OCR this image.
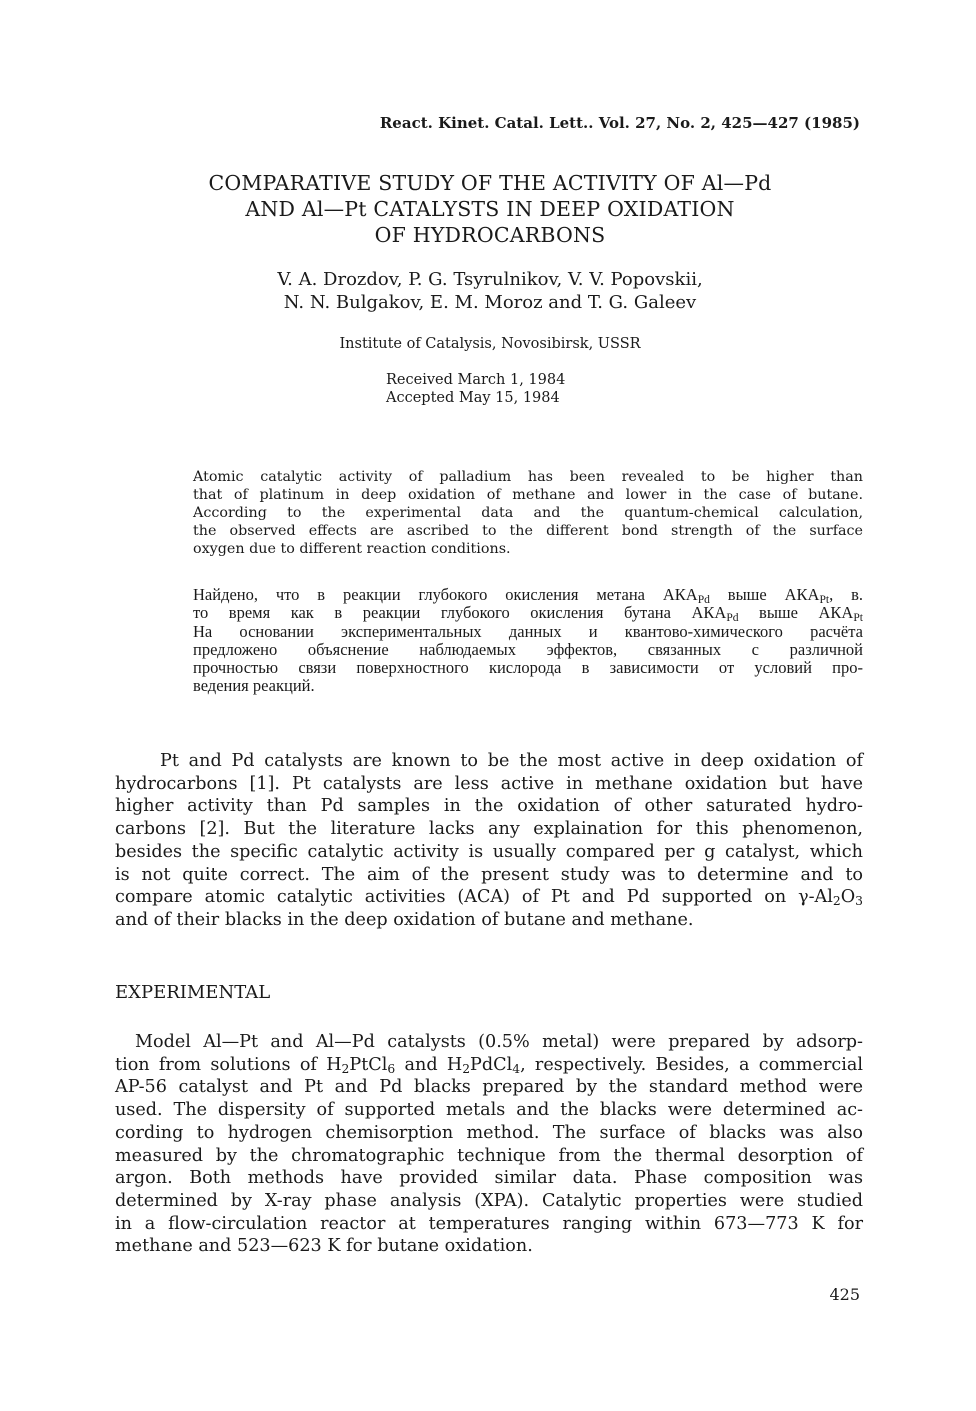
React. Kinet. Catal. Lett.. Vol. 27, No. 2, 425—427 (1985)
COMPARATIVE STUDY OF THE ACTIVITY OF Al—Pd
AND Al—Pt CATALYSTS IN DEEP OXIDATION
OF HYDROCARBONS
V. A. Drozdov, P. G. Tsyrulnikov, V. V. Popovskii,
N. N. Bulgakov, E. M. Moroz and T. G. Galeev
Institute of Catalysis, Novosibirsk, USSR
Received March 1, 1984
Accepted May 15, 1984
Atomic catalytic activity of palladium has been revealed to be higher than
that of platinum in deep oxidation of methane and lower in the case of butane.
According to the experimental data and the quantum-chemical calculation,
the observed effects are ascribed to the different bond strength of the surface
oxygen due to different reaction conditions.
Найдено, что в реакции глубокого окисления метана $АКА_{Pd}$ выше $АКА_{Pt}$, в.
то время как в реакции глубокого окисления бутана $АКА_{Pd}$ выше $АКА_{Pt}$
На основании экспериментальных данных и квантово-химического расчёта
предложено объяснение наблюдаемых эффектов, связанных с различной
прочностью связи поверхностного кислорода в зависимости от условий про-
ведения реакций.
Pt and Pd catalysts are known to be the most active in deep oxidation of
hydrocarbons [1]. Pt catalysts are less active in methane oxidation but have
higher activity than Pd samples in the oxidation of other saturated hydro-
carbons [2]. But the literature lacks any explaination for this phenomenon,
besides the specific catalytic activity is usually compared per g catalyst, which
is not quite correct. The aim of the present study was to determine and to
compare atomic catalytic activities (ACA) of Pt and Pd supported on $\gamma-Al_2O_3$
and of their blacks in the deep oxidation of butane and methane.
EXPERIMENTAL
Model Al—Pt and Al—Pd catalysts (0.5% metal) were prepared by adsorp-
tion from solutions of $H_2PtCl_6$ and $H_2PdCl_4$, respectively. Besides, a commercial
AP-56 catalyst and Pt and Pd blacks prepared by the standard method were
used. The dispersity of supported metals and the blacks were determined ac-
cording to hydrogen chemisorption method. The surface of blacks was also
measured by the chromatographic technique from the thermal desorption of
argon. Both methods have provided similar data. Phase composition was
determined by X-ray phase analysis (XPA). Catalytic properties were studied
in a flow-circulation reactor at temperatures ranging within 673—773 K for
methane and 523—623 K for butane oxidation.
425
